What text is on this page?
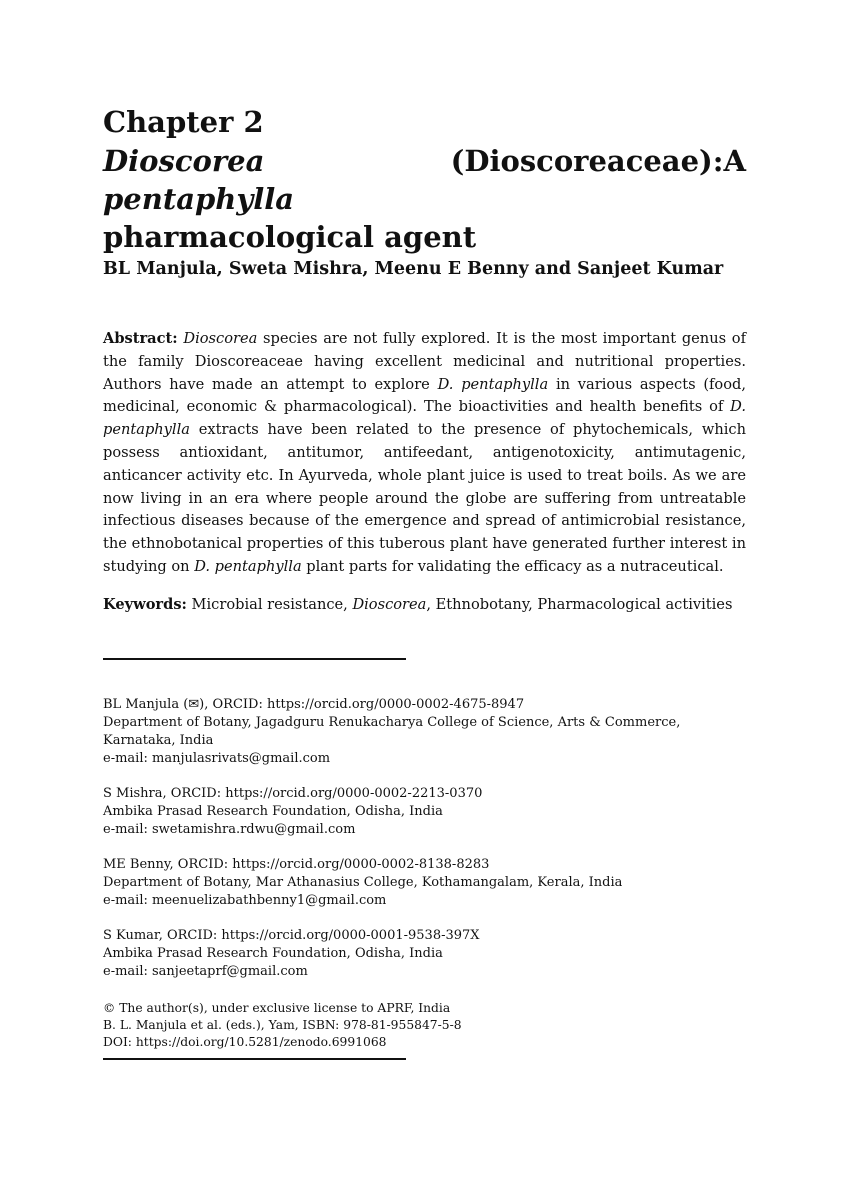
Chapter 2
Dioscorea pentaphylla
(Dioscoreaceae): A
pharmacological agent
BL Manjula, Sweta Mishra, Meenu E Benny and Sanjeet Kumar

Abstract: Dioscorea species are not fully explored. It is the most important genus of the family Dioscoreaceae having excellent medicinal and nutritional properties. Authors have made an attempt to explore D. pentaphylla in various aspects (food, medicinal, economic & pharmacological). The bioactivities and health benefits of D. pentaphylla extracts have been related to the presence of phytochemicals, which possess antioxidant, antitumor, antifeedant, antigenotoxicity, antimutagenic, anticancer activity etc. In Ayurveda, whole plant juice is used to treat boils. As we are now living in an era where people around the globe are suffering from untreatable infectious diseases because of the emergence and spread of antimicrobial resistance, the ethnobotanical properties of this tuberous plant have generated further interest in studying on D. pentaphylla plant parts for validating the efficacy as a nutraceutical.

Keywords: Microbial resistance, Dioscorea, Ethnobotany, Pharmacological activities
BL Manjula (✉), ORCID: https://orcid.org/0000-0002-4675-8947
Department of Botany, Jagadguru Renukacharya College of Science, Arts & Commerce,
Karnataka, India
e-mail: manjulasrivats@gmail.com
S Mishra, ORCID: https://orcid.org/0000-0002-2213-0370
Ambika Prasad Research Foundation, Odisha, India
e-mail: swetamishra.rdwu@gmail.com
ME Benny, ORCID: https://orcid.org/0000-0002-8138-8283
Department of Botany, Mar Athanasius College, Kothamangalam, Kerala, India
e-mail: meenuelizabathbenny1@gmail.com
S Kumar, ORCID: https://orcid.org/0000-0001-9538-397X
Ambika Prasad Research Foundation, Odisha, India
e-mail: sanjeetaprf@gmail.com
© The author(s), under exclusive license to APRF, India
B. L. Manjula et al. (eds.), Yam, ISBN: 978-81-955847-5-8
DOI: https://doi.org/10.5281/zenodo.6991068
